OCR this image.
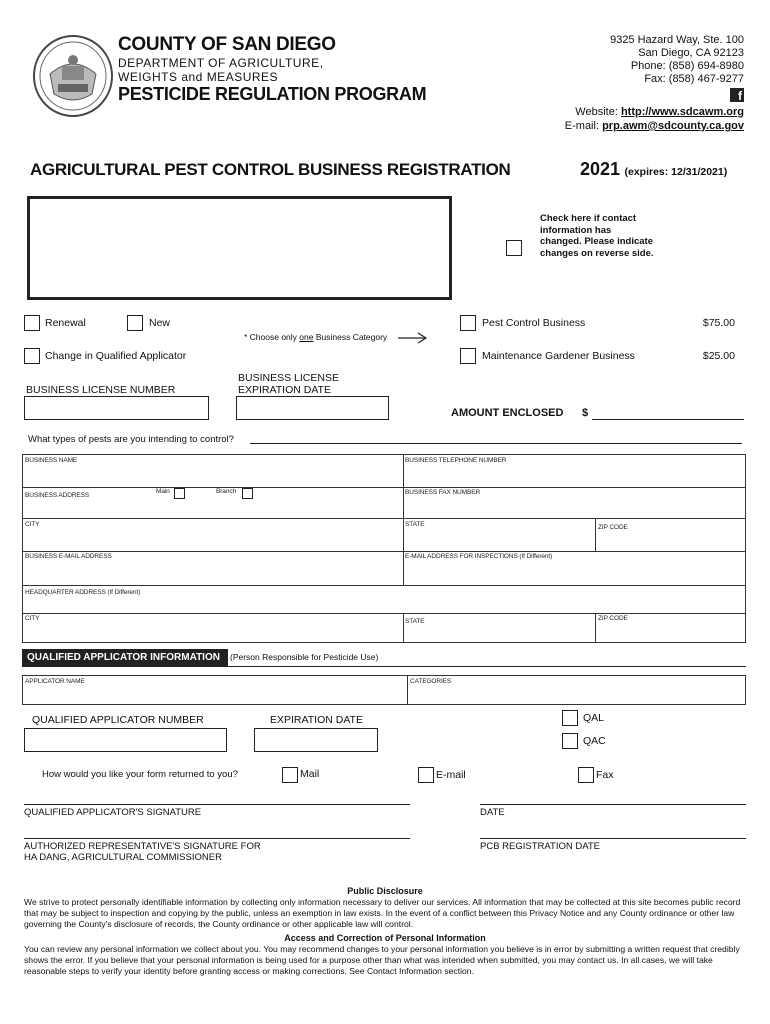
COUNTY OF SAN DIEGO
DEPARTMENT OF AGRICULTURE,
WEIGHTS and MEASURES
PESTICIDE REGULATION PROGRAM
9325 Hazard Way, Ste. 100
San Diego, CA 92123
Phone: (858) 694-8980
Fax: (858) 467-9277
f
Website: http://www.sdcawm.org
E-mail: prp.awm@sdcounty.ca.gov
AGRICULTURAL PEST CONTROL BUSINESS REGISTRATION	2021 (expires: 12/31/2021)
Check here if contact information has changed. Please indicate changes on reverse side.
Renewal	New
* Choose only one Business Category
Pest Control Business	$75.00
Change in Qualified Applicator	Maintenance Gardener Business	$25.00
BUSINESS LICENSE NUMBER
BUSINESS LICENSE
EXPIRATION DATE
AMOUNT ENCLOSED $
What types of pests are you intending to control?
BUSINESS NAME	BUSINESS TELEPHONE NUMBER
BUSINESS ADDRESS
Main	Branch	BUSINESS FAX NUMBER
CITY	STATE	ZIP CODE
BUSINESS E-MAIL ADDRESS	E-MAIL ADDRESS FOR INSPECTIONS (If Different)
HEADQUARTER ADDRESS (If Different)
CITY	STATE	ZIP CODE
QUALIFIED APPLICATOR INFORMATION (Person Responsible for Pesticide Use)
APPLICATOR NAME	CATEGORIES
QUALIFIED APPLICATOR NUMBER	EXPIRATION DATE	QAL
QAC
How would you like your form returned to you?	Mail	E-mail	Fax
QUALIFIED APPLICATOR'S SIGNATURE	DATE
AUTHORIZED REPRESENTATIVE'S SIGNATURE FOR
HA DANG, AGRICULTURAL COMMISSIONER
PCB REGISTRATION DATE
Public Disclosure
We strive to protect personally identifiable information by collecting only information necessary to deliver our services. All information that may be collected at this site becomes public record that may be subject to inspection and copying by the public, unless an exemption in law exists. In the event of a conflict between this Privacy Notice and any County ordinance or other law governing the County's disclosure of records, the County ordinance or other applicable law will control.
Access and Correction of Personal Information
You can review any personal information we collect about you. You may recommend changes to your personal information you believe is in error by submitting a written request that credibly shows the error. If you believe that your personal information is being used for a purpose other than what was intended when submitted, you may contact us. In all cases, we will take reasonable steps to verify your identity before granting access or making corrections. See Contact Information section.
